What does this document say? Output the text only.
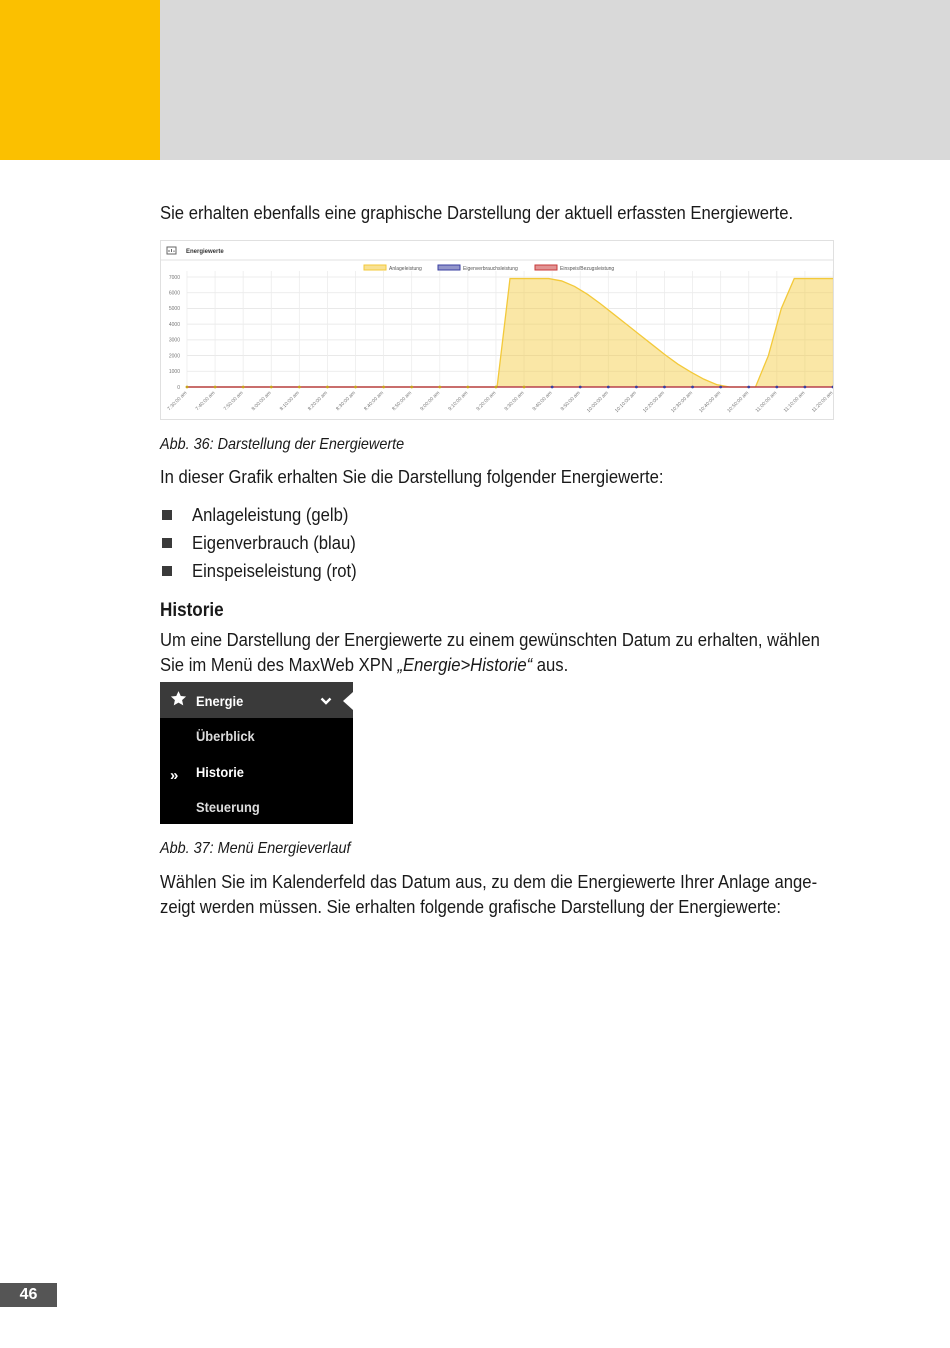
Sie erhalten ebenfalls eine graphische Darstellung der aktuell erfassten Energiewerte.
Energiewerte
Anlageleistung	Eigenverbrauchsleistung	Einspeis/Bezugsleistung
7000
6000
5000
4000
3000
2000
1000
0
7:30:00 am 7:40:00 am 7:50:00 am 8:00:00 am 8:10:00 am 8:20:00 am 8:30:00 am 8:40:00 am 8:50:00 am 9:00:00 am 9:10:00 am 9:20:00 am 9:30:00 am 9:40:00 am 9:50:00 am 10:00:00 am 10:10:00 am 10:20:00 am 10:30:00 am 10:40:00 am 10:50:00 am 11:00:00 am 11:10:00 am 11:20:00 am
Abb. 36: Darstellung der Energiewerte
In dieser Grafik erhalten Sie die Darstellung folgender Energiewerte:
Anlageleistung (gelb)
Eigenverbrauch (blau)
Einspeiseleistung (rot)
Historie
Um eine Darstellung der Energiewerte zu einem gewünschten Datum zu erhalten, wählen
Sie im Menü des MaxWeb XPN „Energie>Historie“ aus.
Energie
Überblick
» Historie
Steuerung
Abb. 37: Menü Energieverlauf
Wählen Sie im Kalenderfeld das Datum aus, zu dem die Energiewerte Ihrer Anlage ange-
zeigt werden müssen. Sie erhalten folgende grafische Darstellung der Energiewerte:
46
